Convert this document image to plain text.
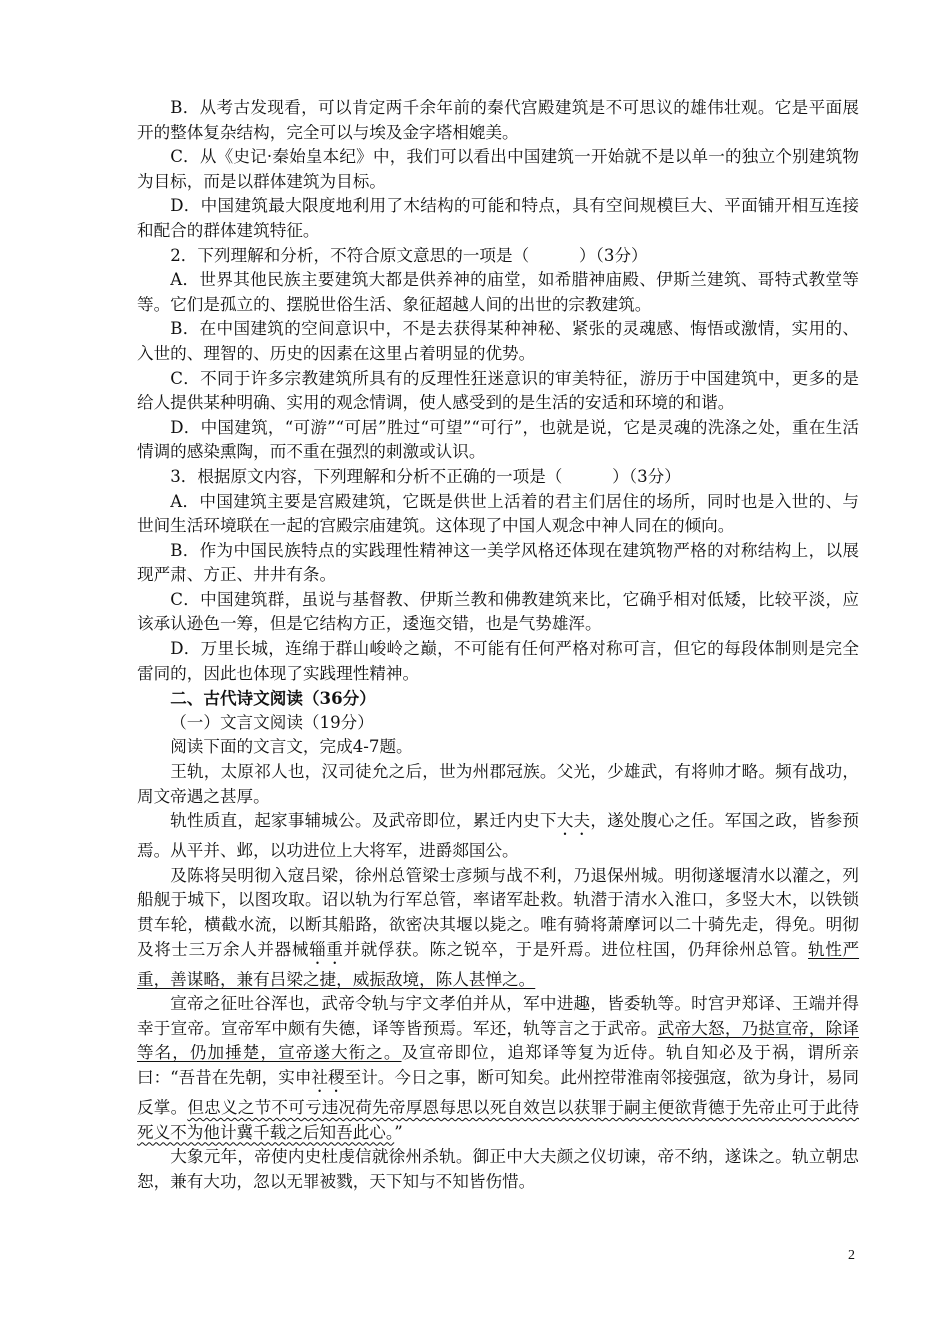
B．从考古发现看，可以肯定两千余年前的秦代宫殿建筑是不可思议的雄伟壮观。它是平面展开的整体复杂结构，完全可以与埃及金字塔相媲美。

C．从《史记·秦始皇本纪》中，我们可以看出中国建筑一开始就不是以单一的独立个别建筑物为目标，而是以群体建筑为目标。

D．中国建筑最大限度地利用了木结构的可能和特点，具有空间规模巨大、平面铺开相互连接和配合的群体建筑特征。

2．下列理解和分析，不符合原文意思的一项是（　　　）（3分）

A．世界其他民族主要建筑大都是供养神的庙堂，如希腊神庙殿、伊斯兰建筑、哥特式教堂等等。它们是孤立的、摆脱世俗生活、象征超越人间的出世的宗教建筑。

B．在中国建筑的空间意识中，不是去获得某种神秘、紧张的灵魂感、悔悟或激情，实用的、入世的、理智的、历史的因素在这里占着明显的优势。

C．不同于许多宗教建筑所具有的反理性狂迷意识的审美特征，游历于中国建筑中，更多的是给人提供某种明确、实用的观念情调，使人感受到的是生活的安适和环境的和谐。

D．中国建筑，“可游”“可居”胜过“可望”“可行”，也就是说，它是灵魂的洗涤之处，重在生活情调的感染熏陶，而不重在强烈的刺激或认识。

3．根据原文内容，下列理解和分析不正确的一项是（　　　）（3分）

A．中国建筑主要是宫殿建筑，它既是供世上活着的君主们居住的场所，同时也是入世的、与世间生活环境联在一起的宫殿宗庙建筑。这体现了中国人观念中神人同在的倾向。

B．作为中国民族特点的实践理性精神这一美学风格还体现在建筑物严格的对称结构上，以展现严肃、方正、井井有条。

C．中国建筑群，虽说与基督教、伊斯兰教和佛教建筑来比，它确乎相对低矮，比较平淡，应该承认逊色一筹，但是它结构方正，逶迤交错，也是气势雄浑。

D．万里长城，连绵于群山峻岭之巅，不可能有任何严格对称可言，但它的每段体制则是完全雷同的，因此也体现了实践理性精神。

二、古代诗文阅读（36分）

（一）文言文阅读（19分）

阅读下面的文言文，完成4-7题。

王轨，太原祁人也，汉司徒允之后，世为州郡冠族。父光，少雄武，有将帅才略。频有战功，周文帝遇之甚厚。

轨性质直，起家事辅城公。及武帝即位，累迁内史下大夫，遂处腹心之任。军国之政，皆参预焉。从平并、邺，以功进位上大将军，进爵郯国公。

及陈将吴明彻入寇吕梁，徐州总管梁士彦频与战不利，乃退保州城。明彻遂堰清水以灌之，列船舰于城下，以图攻取。诏以轨为行军总管，率诸军赴救。轨潜于清水入淮口，多竖大木，以铁锁贯车轮，横截水流，以断其船路，欲密决其堰以毙之。唯有骑将萧摩诃以二十骑先走，得免。明彻及将士三万余人并器械辎重并就俘获。陈之锐卒，于是歼焉。进位柱国，仍拜徐州总管。轨性严重，善谋略，兼有吕梁之捷，威振敌境，陈人甚惮之。

宣帝之征吐谷浑也，武帝令轨与宇文孝伯并从，军中进趣，皆委轨等。时宫尹郑译、王端并得幸于宣帝。宣帝军中颇有失德，译等皆预焉。军还，轨等言之于武帝。武帝大怒，乃挞宣帝，除译等名，仍加捶楚，宣帝遂大衔之。及宣帝即位，追郑译等复为近侍。轨自知必及于祸，谓所亲曰：“吾昔在先朝，实申社稷至计。今日之事，断可知矣。此州控带淮南邻接强寇，欲为身计，易同反掌。但忠义之节不可亏违况荷先帝厚恩每思以死自效岂以获罪于嗣主便欲背德于先帝止可于此待死义不为他计冀千载之后知吾此心。”

大象元年，帝使内史杜虔信就徐州杀轨。御正中大夫颜之仪切谏，帝不纳，遂诛之。轨立朝忠恕，兼有大功，忽以无罪被戮，天下知与不知皆伤惜。

2
